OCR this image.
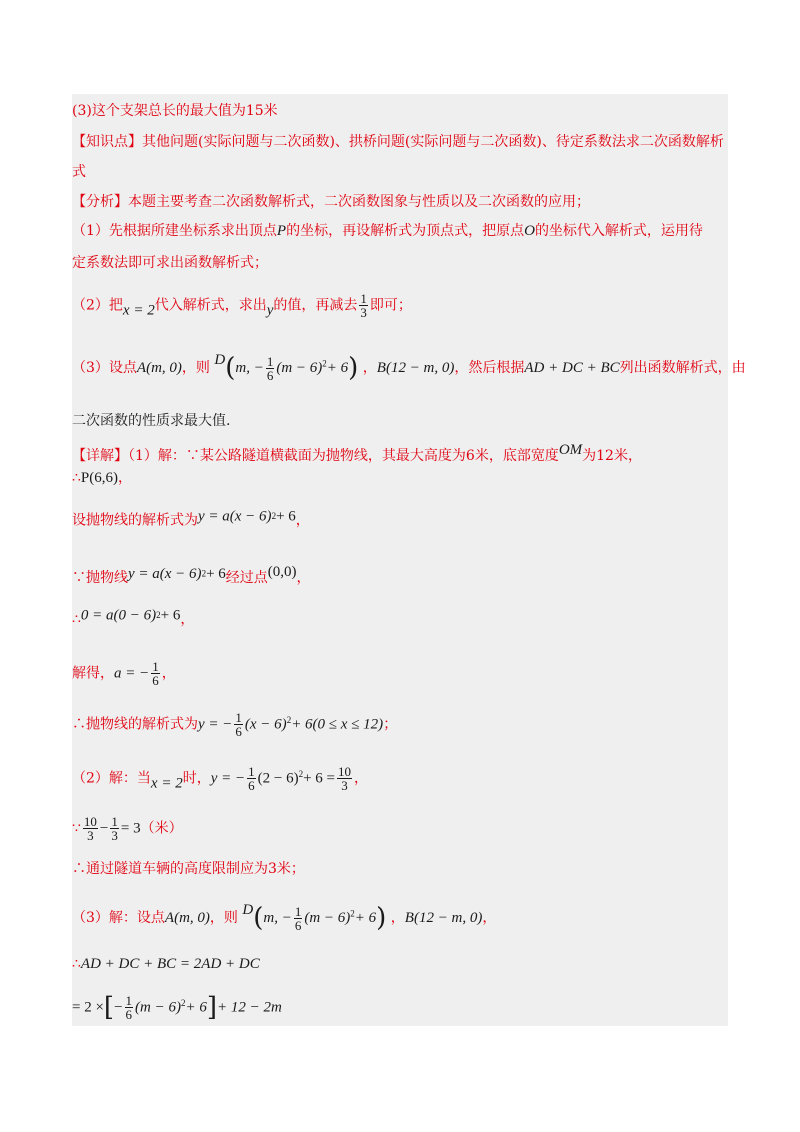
(3)这个支架总长的最大值为15米
【知识点】其他问题(实际问题与二次函数)、拱桥问题(实际问题与二次函数)、待定系数法求二次函数解析
式
【分析】本题主要考查二次函数解析式，二次函数图象与性质以及二次函数的应用；
（1）先根据所建坐标系求出顶点P的坐标，再设解析式为顶点式，把原点O的坐标代入解析式，运用待
定系数法即可求出函数解析式；
（2）把x = 2代入解析式，求出y的值，再减去 $\frac{1}{3}$ 即可；
（3）设点A(m, 0)，则 D(m, − $\frac{1}{6} (m - 6)^2+ 6$) ，B(12 − m, 0)，然后根据AD + DC + BC列出函数解析式，由
二次函数的性质求最大值.
【详解】（1）解：∵某公路隧道横截面为抛物线，其最大高度为6米，底部宽度OM为12米，
∴P(6,6)，
设抛物线的解析式为$y = a(x - 6)^2+ 6$，
∵抛物线$y = a(x - 6)^2+ 6$经过点(0,0)，
∴0 = $a(0 - 6)^2+ 6$，
解得，a = − $\frac{1}{6}$ ，
∴抛物线的解析式为y = − $\frac{1}{6} (x - 6)^2+ 6(0 \le x \le 12)$；
（2）解：当x = 2时，y = − $\frac{1}{6} (2 - 6)^2+ 6 = \frac{10}{3}$ ，
∵ $\frac{10}{3} - \frac{1}{3} = 3$（米）
∴通过隧道车辆的高度限制应为3米；
（3）解：设点A(m, 0)，则 D(m, − $\frac{1}{6} (m - 6)^2+ 6$) ，B(12 − m, 0)，
∴AD + DC + BC = 2AD + DC
= 2 ×[− $\frac{1}{6} (m - 6)^2+ 6]+ 12 - 2m$
